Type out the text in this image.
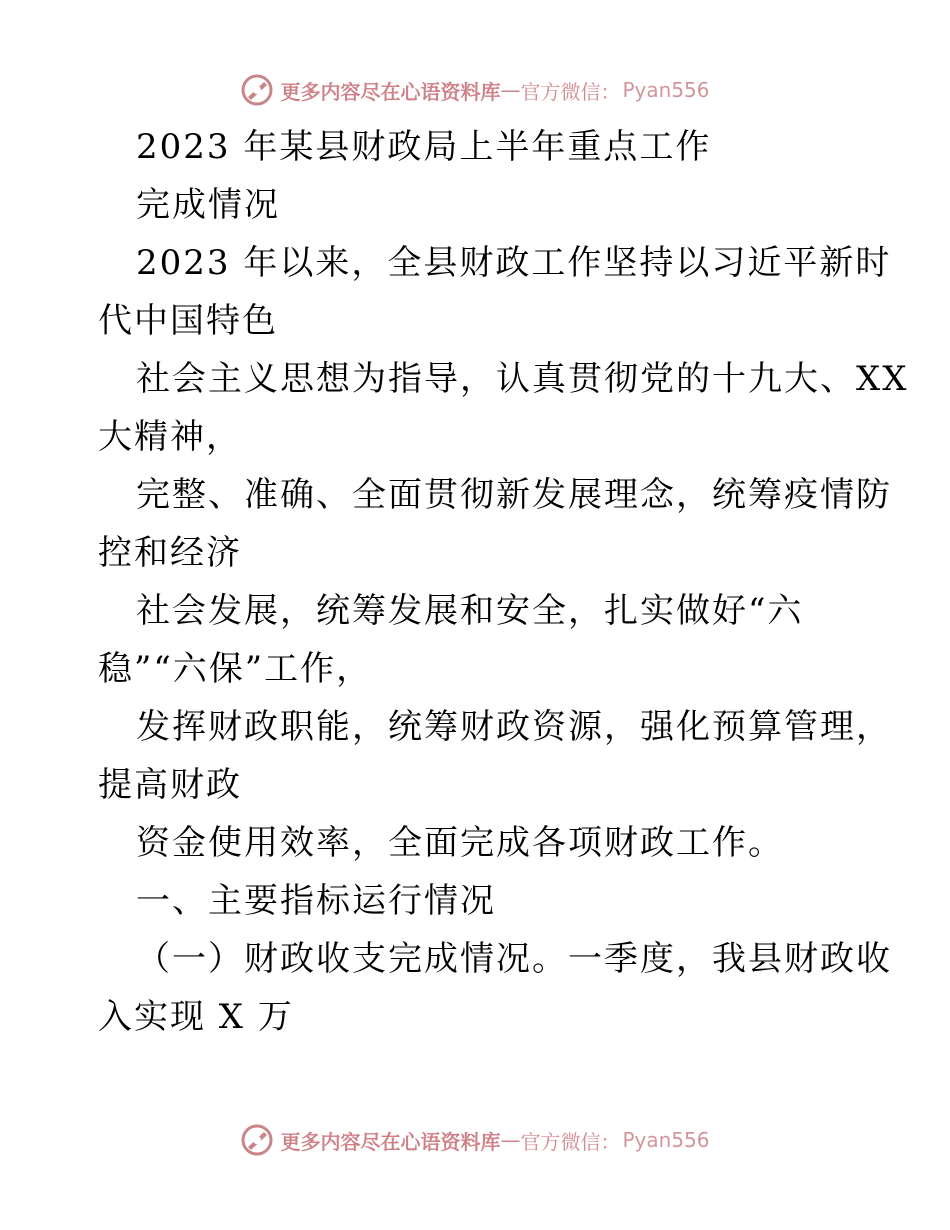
更多内容尽在心语资料库 — 官方微信： Pyan556
2023 年某县财政局上半年重点工作
完成情况
2023 年以来，全县财政工作坚持以习近平新时
代中国特色
社会主义思想为指导，认真贯彻党的十九大、XX
大精神，
完整、准确、全面贯彻新发展理念，统筹疫情防
控和经济
社会发展，统筹发展和安全，扎实做好“六
稳”“六保”工作，
发挥财政职能，统筹财政资源，强化预算管理，
提高财政
资金使用效率，全面完成各项财政工作。
一、主要指标运行情况
（一）财政收支完成情况。一季度，我县财政收
入实现 X 万
更多内容尽在心语资料库 — 官方微信： Pyan556
